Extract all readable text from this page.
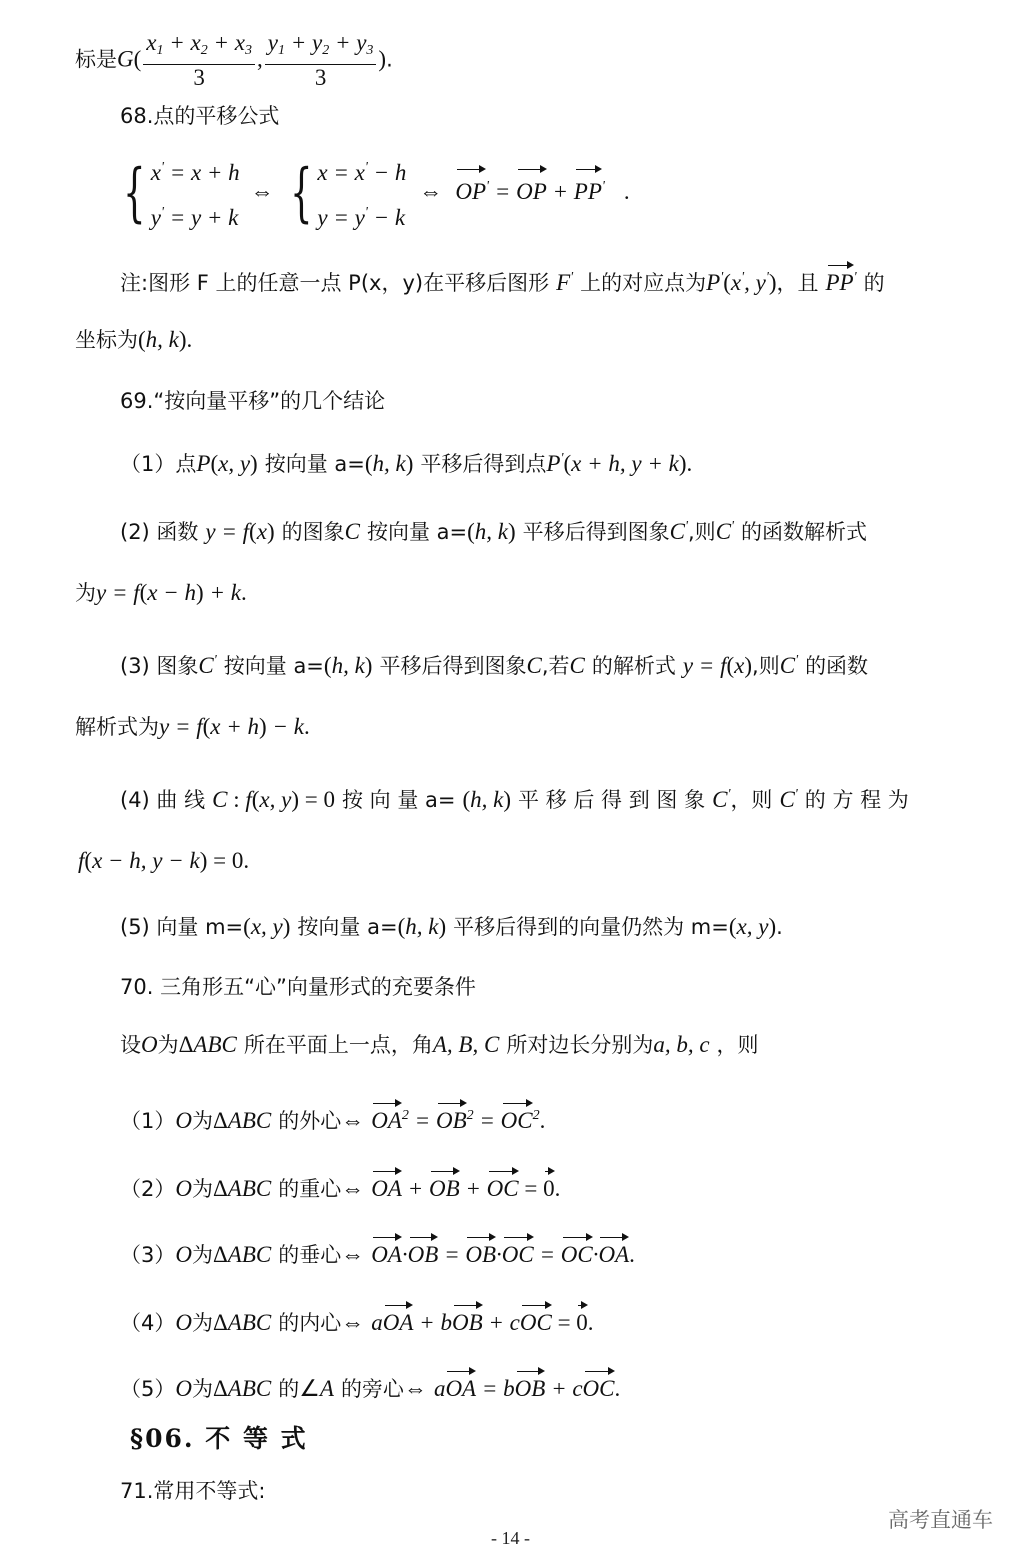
标是$G( \frac{x_1 + x_2 + x_3}{3}$ , $\frac{y_1 + y_2 + y_3}{3}$ ).
68.点的平移公式
{ x' = x + h
y' = y + k
⇔ { x = x' − h
y = y' − k
⇔ OP' = OP + PP' .
注:图形 F 上的任意一点 P(x，y)在平移后图形 F' 上的对应点为P'(x', y')，且 PP' 的
坐标为(h, k).
69.“按向量平移”的几个结论
（1）点P(x, y) 按向量 a=(h, k) 平移后得到点P'(x + h, y + k).
(2) 函数 y = f(x) 的图象C 按向量 a=(h, k) 平移后得到图象C',则C' 的函数解析式
为y = f(x − h) + k.
(3) 图象C' 按向量 a=(h, k) 平移后得到图象C,若C 的解析式 y = f(x),则C' 的函数
解析式为y = f(x + h) − k.
(4) 曲 线 C : f(x, y) = 0 按 向 量 a= (h, k) 平 移 后 得 到 图 象 C'，则 C' 的 方 程 为
f(x − h, y − k) = 0.
(5) 向量 m=(x, y) 按向量 a=(h, k) 平移后得到的向量仍然为 m=(x, y).
70. 三角形五“心”向量形式的充要条件
设O为ΔABC 所在平面上一点，角A, B, C 所对边长分别为a, b, c ，则
（1）O为ΔABC 的外心⇔ $OA^2 = OB^2 = OC^2$.
（2）O为ΔABC 的重心⇔ OA + OB + OC = 0.
（3）O为ΔABC 的垂心⇔ OA·OB = OB·OC = OC·OA.
（4）O为ΔABC 的内心⇔ aOA + bOB + cOC = 0.
（5）O为ΔABC 的∠A 的旁心⇔ aOA = bOB + cOC.
§06. 不 等 式
71.常用不等式:
高考直通车
- 14 -
